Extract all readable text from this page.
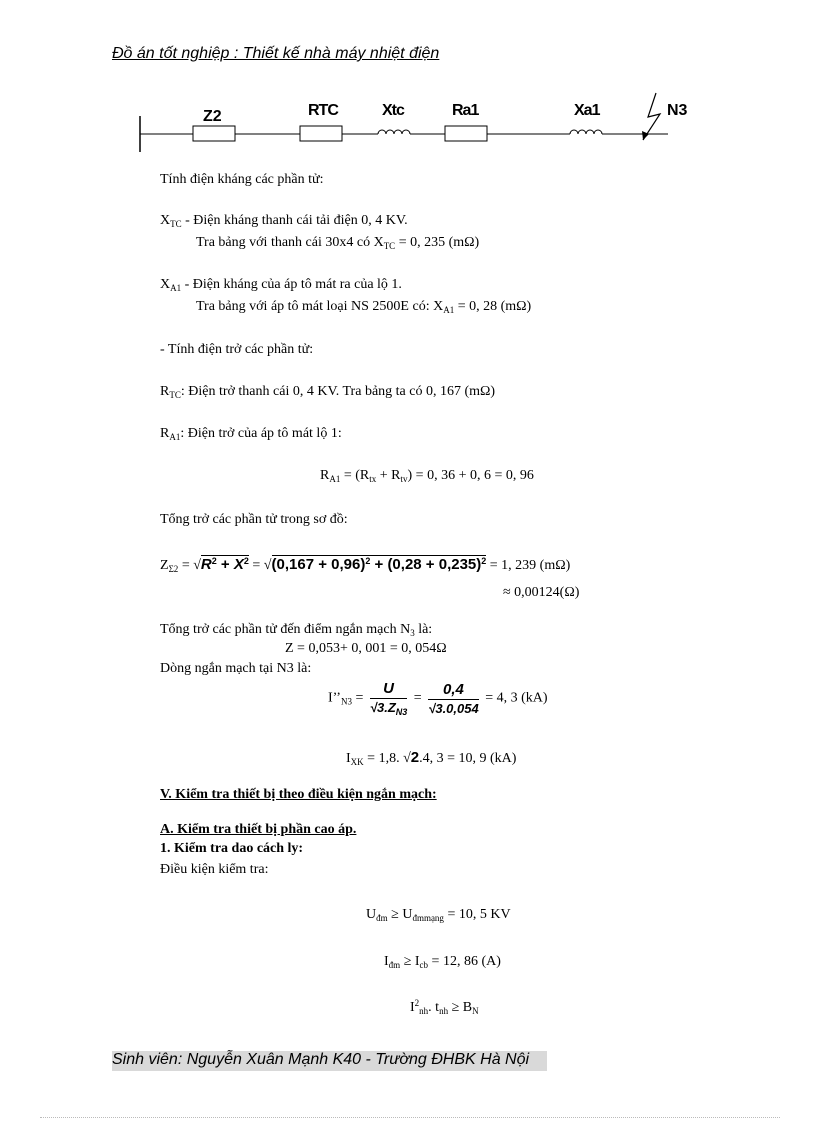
Đồ án tốt nghiệp : Thiết kế nhà máy nhiệt điện
Z2	RTC	Xtc	Ra1	Xa1	N3
Tính điện kháng các phần tử:
$X_{TC}$ - Điện kháng thanh cái tải điện 0, 4 KV.
Tra bảng với thanh cái 30x4 có $X_{TC} = 0$, 235 (mΩ)
$X_{A1}$ - Điện kháng của áp tô mát ra của lộ 1.
Tra bảng với áp tô mát loại NS 2500E có: $X_{A1} = 0$, 28 (mΩ)
- Tính điện trở các phần tử:
$R_{TC}$: Điện trở thanh cái 0, 4 KV. Tra bảng ta có 0, 167 (mΩ)
$R_{A1}$: Điện trở của áp tô mát lộ 1:
$R_{A1} = (R_{tx} + R_{tv}) = 0$, 36 + 0, 6 = 0, 96
Tổng trở các phần tử trong sơ đồ:
$Z_{\Sigma 2} = √R^2 + X^2 = √(0,167 + 0,96)^2 + (0,28 + 0,235)^2 = 1$, 239 (mΩ)
≈ 0,00124(Ω)
Tổng trở các phần tử đến điểm ngắn mạch $N_3$ là:
Z = 0,053+ 0, 001 = 0, 054Ω
Dòng ngắn mạch tại N3 là:
$I’’_{N3} = \frac{U}{√3.Z_{N3}} = \frac{0,4}{√3.0,054} = 4$, 3 (kA)
$I_{XK} = 1,8$. √2.4, 3 = 10, 9 (kA)
V. Kiểm tra thiết bị theo điều kiện ngắn mạch:
A. Kiểm tra thiết bị phần cao áp.
1. Kiểm tra dao cách ly:
Điều kiện kiểm tra:
$U_{đm} \ge U_{đmmạng} = 10$, 5 KV
$I_{đm} \ge I_{cb} = 12$, 86 (A)
$I^2_{nh}$. $t_{nh} \ge B_N$
Sinh viên: Nguyễn Xuân Mạnh K40 - Trường ĐHBK Hà Nội
